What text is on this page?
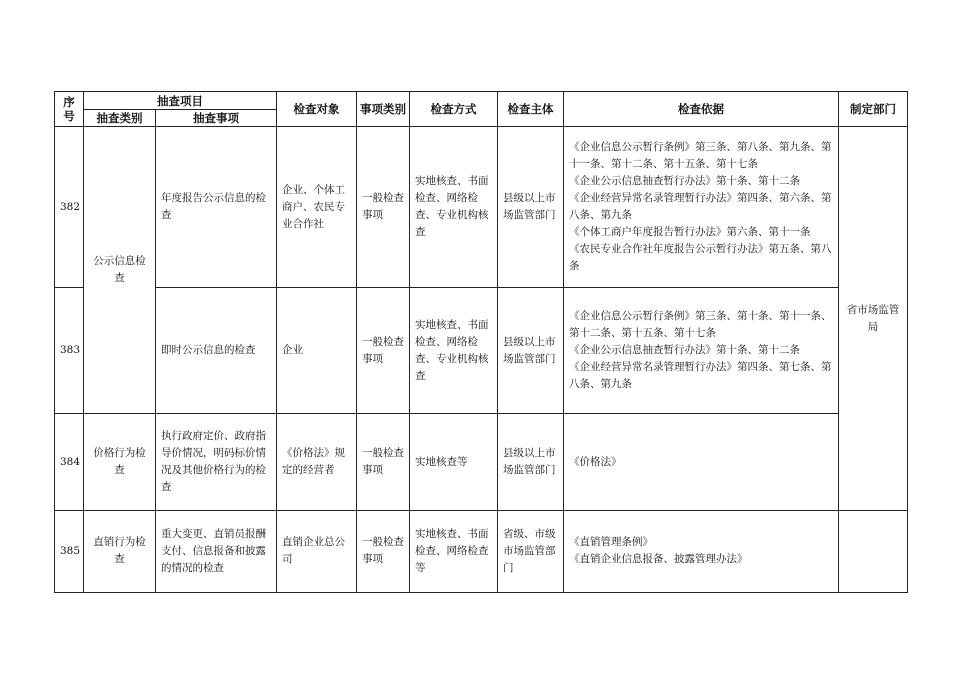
序号	抽查项目		检查对象	事项类别	检查方式	检查主体	检查依据	制定部门
	抽查类别	抽查事项						
382	公示信息检查	年度报告公示信息的检查	企业、个体工商户、农民专业合作社	一般检查事项	实地核查、书面检查、网络检查、专业机构核查	县级以上市场监管部门	《企业信息公示暂行条例》第三条、第八条、第九条、第十一条、第十二条、第十五条、第十七条
《企业公示信息抽查暂行办法》第十条、第十二条
《企业经营异常名录管理暂行办法》第四条、第六条、第八条、第九条
《个体工商户年度报告暂行办法》第六条、第十一条
《农民专业合作社年度报告公示暂行办法》第五条、第八条	省市场监管局
383		即时公示信息的检查	企业	一般检查事项	实地核查、书面检查、网络检查、专业机构核查	县级以上市场监管部门	《企业信息公示暂行条例》第三条、第十条、第十一条、第十二条、第十五条、第十七条
《企业公示信息抽查暂行办法》第十条、第十二条
《企业经营异常名录管理暂行办法》第四条、第七条、第八条、第九条	

384	价格行为检查	执行政府定价、政府指导价情况，明码标价情况及其他价格行为的检查	《价格法》规定的经营者	一般检查事项	实地核查等	县级以上市场监管部门	《价格法》	

385	直销行为检查	重大变更、直销员报酬支付、信息报备和披露的情况的检查	直销企业总公司	一般检查事项	实地核查、书面检查、网络检查等	省级、市级市场监管部门	《直销管理条例》
《直销企业信息报备、披露管理办法》	
